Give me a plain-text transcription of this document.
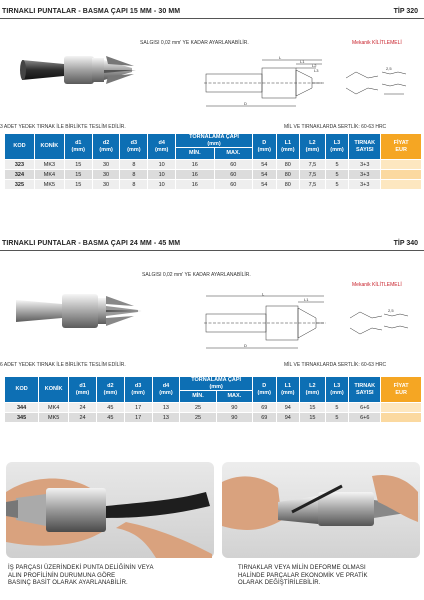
TIRNAKLI PUNTALAR - BASMA ÇAPI 15 MM - 30 MM	TİP 320
SALGISI 0,02 mm' YE KADAR AYARLANABİLİR.	Mekanik KİLİTLEMELİ
L
L1
L2
L3
D
2,5
3 ADET YEDEK TIRNAK İLE BİRLİKTE TESLİM EDİLİR.	MİL VE TIRNAKLARDA SERTLİK: 60-63 HRC
KOD	KONİK	d1
(mm)	d2
(mm)	d3
(mm)	d4
(mm)	TORNALAMA ÇAPI
(mm)		D
(mm)	L1
(mm)	L2
(mm)	L3
(mm)	TIRNAK
SAYISI	FİYAT
EUR
						MİN.	MAX.						
323	MK3	15	30	8	10	16	60	54	80	7,5	5	3+3	
324	MK4	15	30	8	10	16	60	54	80	7,5	5	3+3	
325	MK5	15	30	8	10	16	60	54	80	7,5	5	3+3	
TIRNAKLI PUNTALAR - BASMA ÇAPI 24 MM - 45 MM	TİP 340
SALGISI 0,02 mm' YE KADAR AYARLANABİLİR.
Mekanik KİLİTLEMELİ
L
L1
D
2,5
6 ADET YEDEK TIRNAK İLE BİRLİKTE TESLİM EDİLİR.	MİL VE TIRNAKLARDA SERTLİK: 60-63 HRC
KOD	KONİK	d1
(mm)	d2
(mm)	d3
(mm)	d4
(mm)	TORNALAMA ÇAPI
(mm)		D
(mm)	L1
(mm)	L2
(mm)	L3
(mm)	TIRNAK
SAYISI	FİYAT
EUR
						MİN.	MAX.						
344	MK4	24	45	17	13	25	90	69	94	15	5	6+6	
345	MK5	24	45	17	13	25	90	69	94	15	5	6+6	
İŞ PARÇASI ÜZERİNDEKİ PUNTA DELİĞİNİN VEYA
ALIN PROFİLİNİN DURUMUNA GÖRE
BASINÇ BASİT OLARAK AYARLANABİLİR.
TIRNAKLAR VEYA MİLİN DEFORME OLMASI
HALİNDE PARÇALAR EKONOMİK VE PRATİK
OLARAK DEĞİŞTİRİLEBİLİR.
